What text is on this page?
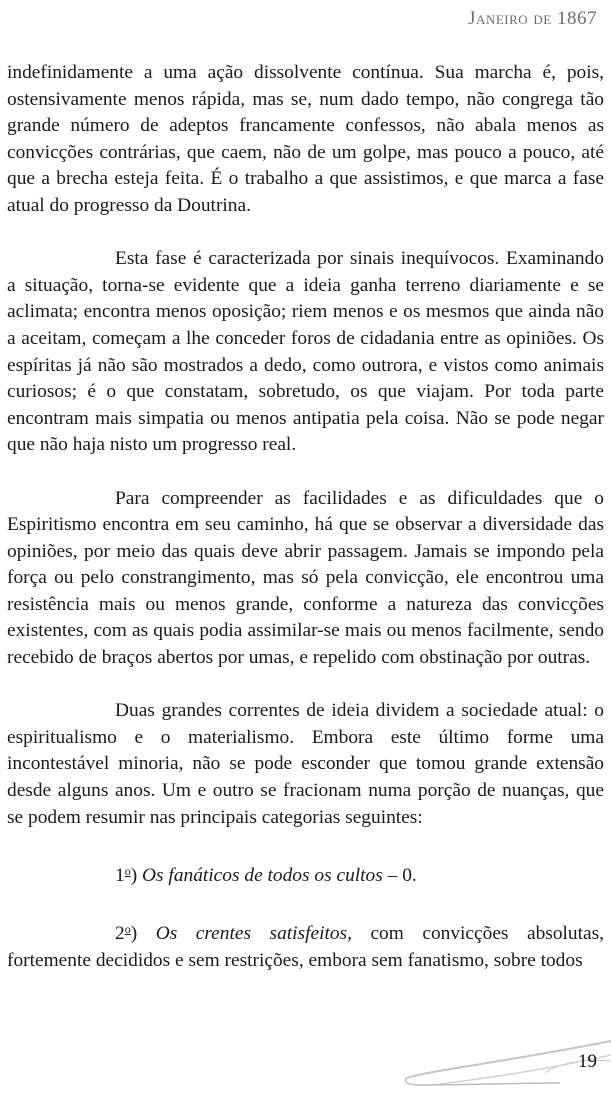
Janeiro de 1867

indefinidamente a uma ação dissolvente contínua. Sua marcha é, pois, ostensivamente menos rápida, mas se, num dado tempo, não congrega tão grande número de adeptos francamente confessos, não abala menos as convicções contrárias, que caem, não de um golpe, mas pouco a pouco, até que a brecha esteja feita. É o trabalho a que assistimos, e que marca a fase atual do progresso da Doutrina.

Esta fase é caracterizada por sinais inequívocos. Examinando a situação, torna-se evidente que a ideia ganha terreno diariamente e se aclimata; encontra menos oposição; riem menos e os mesmos que ainda não a aceitam, começam a lhe conceder foros de cidadania entre as opiniões. Os espíritas já não são mostrados a dedo, como outrora, e vistos como animais curiosos; é o que constatam, sobretudo, os que viajam. Por toda parte encontram mais simpatia ou menos antipatia pela coisa. Não se pode negar que não haja nisto um progresso real.

Para compreender as facilidades e as dificuldades que o Espiritismo encontra em seu caminho, há que se observar a diversidade das opiniões, por meio das quais deve abrir passagem. Jamais se impondo pela força ou pelo constrangimento, mas só pela convicção, ele encontrou uma resistência mais ou menos grande, conforme a natureza das convicções existentes, com as quais podia assimilar-se mais ou menos facilmente, sendo recebido de braços abertos por umas, e repelido com obstinação por outras.

Duas grandes correntes de ideia dividem a sociedade atual: o espiritualismo e o materialismo. Embora este último forme uma incontestável minoria, não se pode esconder que tomou grande extensão desde alguns anos. Um e outro se fracionam numa porção de nuanças, que se podem resumir nas principais categorias seguintes:

1$^o$) Os fanáticos de todos os cultos – 0.

2$^o$) Os crentes satisfeitos, com convicções absolutas, fortemente decididos e sem restrições, embora sem fanatismo, sobre todos

19
